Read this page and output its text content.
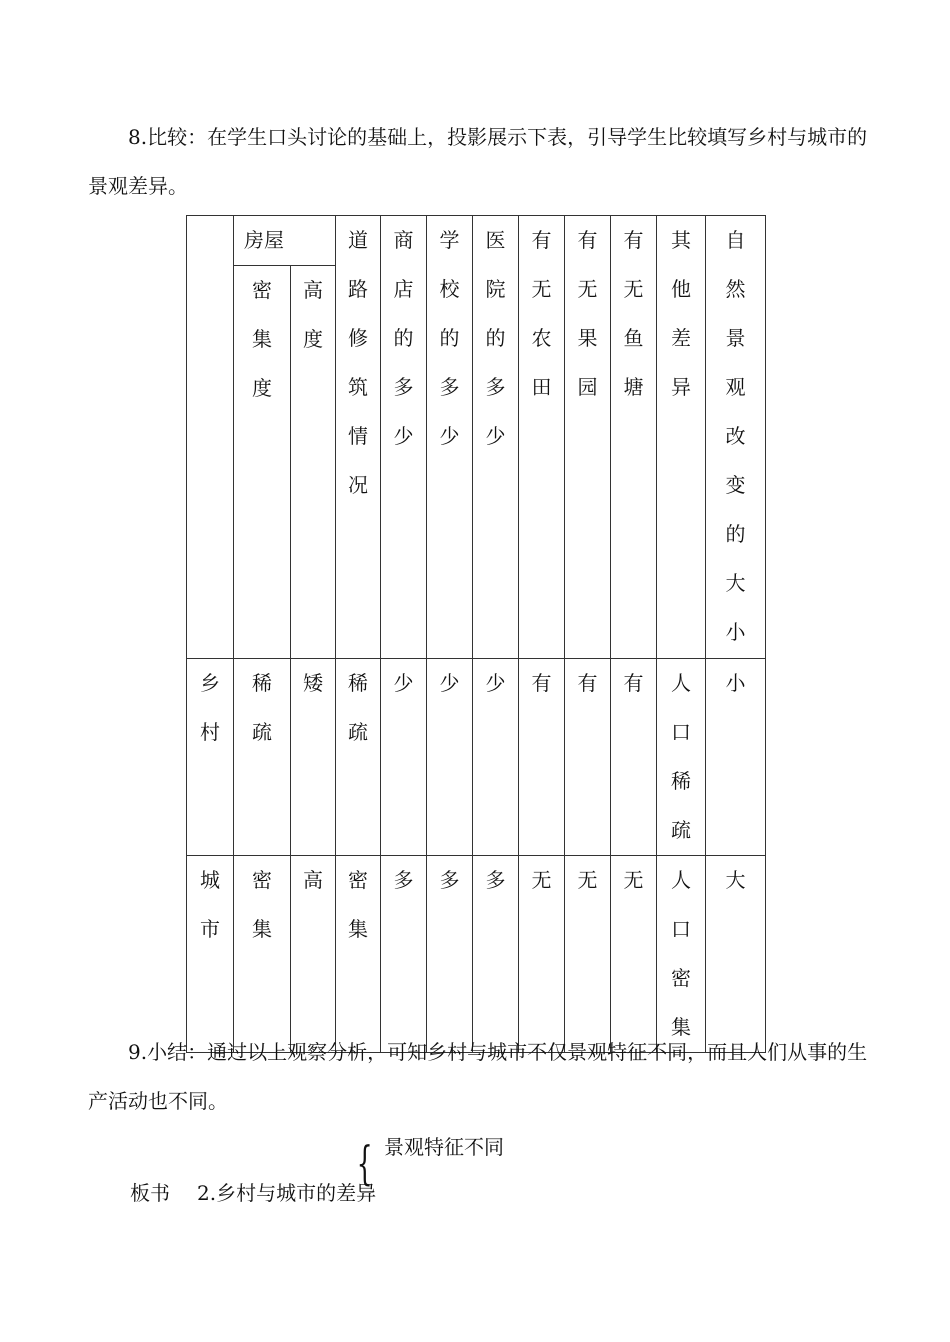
8.比较：在学生口头讨论的基础上，投影展示下表，引导学生比较填写乡村与城市的景观差异。

	房屋		道路修筑情况	商店的多少	学校的多少	医院的多少	有无农田	有无果园	有无鱼塘	其他差异	自然景观改变的大小
	密集度	高度									
乡村	稀疏	矮	稀疏	少	少	少	有	有	有	人口稀疏	小
城市	密集	高	密集	多	多	多	无	无	无	人口密集	大

9.小结：通过以上观察分析，可知乡村与城市不仅景观特征不同，而且人们从事的生产活动也不同。

景观特征不同
{
板书 2.乡村与城市的差异
